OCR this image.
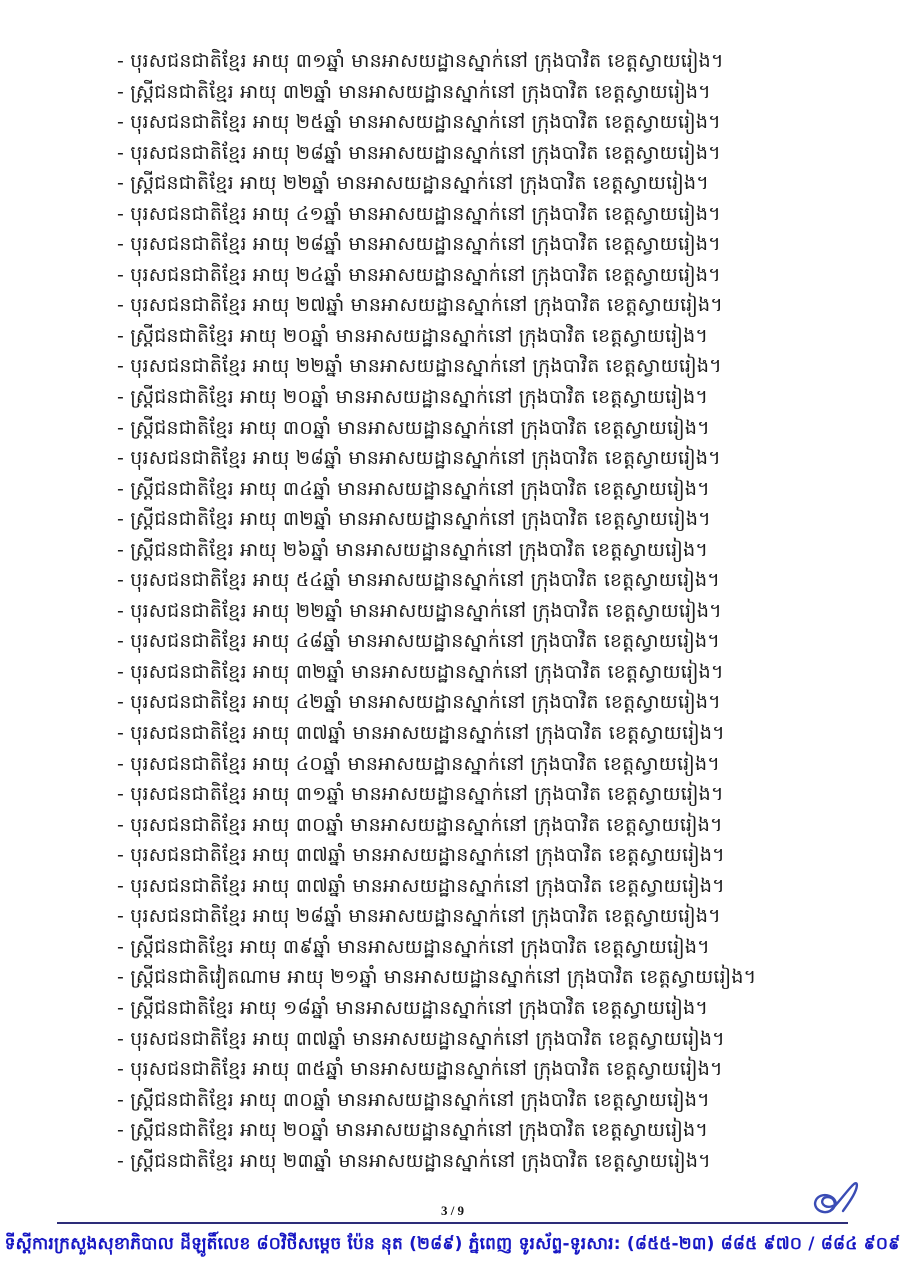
- បុរសជនជាតិខ្មែរ អាយុ ៣១ឆ្នាំ មានអាសយដ្ឋានស្នាក់នៅ ក្រុងបាវិត ខេត្តស្វាយរៀង។
- ស្ត្រីជនជាតិខ្មែរ អាយុ ៣២ឆ្នាំ មានអាសយដ្ឋានស្នាក់នៅ ក្រុងបាវិត ខេត្តស្វាយរៀង។
- បុរសជនជាតិខ្មែរ អាយុ ២៥ឆ្នាំ មានអាសយដ្ឋានស្នាក់នៅ ក្រុងបាវិត ខេត្តស្វាយរៀង។
- បុរសជនជាតិខ្មែរ អាយុ ២៨ឆ្នាំ មានអាសយដ្ឋានស្នាក់នៅ ក្រុងបាវិត ខេត្តស្វាយរៀង។
- ស្ត្រីជនជាតិខ្មែរ អាយុ ២២ឆ្នាំ មានអាសយដ្ឋានស្នាក់នៅ ក្រុងបាវិត ខេត្តស្វាយរៀង។
- បុរសជនជាតិខ្មែរ អាយុ ៤១ឆ្នាំ មានអាសយដ្ឋានស្នាក់នៅ ក្រុងបាវិត ខេត្តស្វាយរៀង។
- បុរសជនជាតិខ្មែរ អាយុ ២៨ឆ្នាំ មានអាសយដ្ឋានស្នាក់នៅ ក្រុងបាវិត ខេត្តស្វាយរៀង។
- បុរសជនជាតិខ្មែរ អាយុ ២៤ឆ្នាំ មានអាសយដ្ឋានស្នាក់នៅ ក្រុងបាវិត ខេត្តស្វាយរៀង។
- បុរសជនជាតិខ្មែរ អាយុ ២៧ឆ្នាំ មានអាសយដ្ឋានស្នាក់នៅ ក្រុងបាវិត ខេត្តស្វាយរៀង។
- ស្ត្រីជនជាតិខ្មែរ អាយុ ២០ឆ្នាំ មានអាសយដ្ឋានស្នាក់នៅ ក្រុងបាវិត ខេត្តស្វាយរៀង។
- បុរសជនជាតិខ្មែរ អាយុ ២២ឆ្នាំ មានអាសយដ្ឋានស្នាក់នៅ ក្រុងបាវិត ខេត្តស្វាយរៀង។
- ស្ត្រីជនជាតិខ្មែរ អាយុ ២០ឆ្នាំ មានអាសយដ្ឋានស្នាក់នៅ ក្រុងបាវិត ខេត្តស្វាយរៀង។
- ស្ត្រីជនជាតិខ្មែរ អាយុ ៣០ឆ្នាំ មានអាសយដ្ឋានស្នាក់នៅ ក្រុងបាវិត ខេត្តស្វាយរៀង។
- បុរសជនជាតិខ្មែរ អាយុ ២៨ឆ្នាំ មានអាសយដ្ឋានស្នាក់នៅ ក្រុងបាវិត ខេត្តស្វាយរៀង។
- ស្ត្រីជនជាតិខ្មែរ អាយុ ៣៤ឆ្នាំ មានអាសយដ្ឋានស្នាក់នៅ ក្រុងបាវិត ខេត្តស្វាយរៀង។
- ស្ត្រីជនជាតិខ្មែរ អាយុ ៣២ឆ្នាំ មានអាសយដ្ឋានស្នាក់នៅ ក្រុងបាវិត ខេត្តស្វាយរៀង។
- ស្ត្រីជនជាតិខ្មែរ អាយុ ២៦ឆ្នាំ មានអាសយដ្ឋានស្នាក់នៅ ក្រុងបាវិត ខេត្តស្វាយរៀង។
- បុរសជនជាតិខ្មែរ អាយុ ៥៤ឆ្នាំ មានអាសយដ្ឋានស្នាក់នៅ ក្រុងបាវិត ខេត្តស្វាយរៀង។
- បុរសជនជាតិខ្មែរ អាយុ ២២ឆ្នាំ មានអាសយដ្ឋានស្នាក់នៅ ក្រុងបាវិត ខេត្តស្វាយរៀង។
- បុរសជនជាតិខ្មែរ អាយុ ៤៨ឆ្នាំ មានអាសយដ្ឋានស្នាក់នៅ ក្រុងបាវិត ខេត្តស្វាយរៀង។
- បុរសជនជាតិខ្មែរ អាយុ ៣២ឆ្នាំ មានអាសយដ្ឋានស្នាក់នៅ ក្រុងបាវិត ខេត្តស្វាយរៀង។
- បុរសជនជាតិខ្មែរ អាយុ ៤២ឆ្នាំ មានអាសយដ្ឋានស្នាក់នៅ ក្រុងបាវិត ខេត្តស្វាយរៀង។
- បុរសជនជាតិខ្មែរ អាយុ ៣៧ឆ្នាំ មានអាសយដ្ឋានស្នាក់នៅ ក្រុងបាវិត ខេត្តស្វាយរៀង។
- បុរសជនជាតិខ្មែរ អាយុ ៤០ឆ្នាំ មានអាសយដ្ឋានស្នាក់នៅ ក្រុងបាវិត ខេត្តស្វាយរៀង។
- បុរសជនជាតិខ្មែរ អាយុ ៣១ឆ្នាំ មានអាសយដ្ឋានស្នាក់នៅ ក្រុងបាវិត ខេត្តស្វាយរៀង។
- បុរសជនជាតិខ្មែរ អាយុ ៣០ឆ្នាំ មានអាសយដ្ឋានស្នាក់នៅ ក្រុងបាវិត ខេត្តស្វាយរៀង។
- បុរសជនជាតិខ្មែរ អាយុ ៣៧ឆ្នាំ មានអាសយដ្ឋានស្នាក់នៅ ក្រុងបាវិត ខេត្តស្វាយរៀង។
- បុរសជនជាតិខ្មែរ អាយុ ៣៧ឆ្នាំ មានអាសយដ្ឋានស្នាក់នៅ ក្រុងបាវិត ខេត្តស្វាយរៀង។
- បុរសជនជាតិខ្មែរ អាយុ ២៨ឆ្នាំ មានអាសយដ្ឋានស្នាក់នៅ ក្រុងបាវិត ខេត្តស្វាយរៀង។
- ស្ត្រីជនជាតិខ្មែរ អាយុ ៣៩ឆ្នាំ មានអាសយដ្ឋានស្នាក់នៅ ក្រុងបាវិត ខេត្តស្វាយរៀង។
- ស្ត្រីជនជាតិវៀតណាម អាយុ ២១ឆ្នាំ មានអាសយដ្ឋានស្នាក់នៅ ក្រុងបាវិត ខេត្តស្វាយរៀង។
- ស្ត្រីជនជាតិខ្មែរ អាយុ ១៨ឆ្នាំ មានអាសយដ្ឋានស្នាក់នៅ ក្រុងបាវិត ខេត្តស្វាយរៀង។
- បុរសជនជាតិខ្មែរ អាយុ ៣៧ឆ្នាំ មានអាសយដ្ឋានស្នាក់នៅ ក្រុងបាវិត ខេត្តស្វាយរៀង។
- បុរសជនជាតិខ្មែរ អាយុ ៣៥ឆ្នាំ មានអាសយដ្ឋានស្នាក់នៅ ក្រុងបាវិត ខេត្តស្វាយរៀង។
- ស្ត្រីជនជាតិខ្មែរ អាយុ ៣០ឆ្នាំ មានអាសយដ្ឋានស្នាក់នៅ ក្រុងបាវិត ខេត្តស្វាយរៀង។
- ស្ត្រីជនជាតិខ្មែរ អាយុ ២០ឆ្នាំ មានអាសយដ្ឋានស្នាក់នៅ ក្រុងបាវិត ខេត្តស្វាយរៀង។
- ស្ត្រីជនជាតិខ្មែរ អាយុ ២៣ឆ្នាំ មានអាសយដ្ឋានស្នាក់នៅ ក្រុងបាវិត ខេត្តស្វាយរៀង។
3 / 9
ទីស្តីការក្រសួងសុខាភិបាល ដីឡូតិ៍លេខ ៨០វិថីសម្តេច ប៉ែន នុត (២៨៩) ភ្នំពេញ ទូរស័ព្ទ-ទូរសារ: (៨៥៥-២៣) ៨៨៥ ៩៧០ / ៨៨៤ ៩០៩
